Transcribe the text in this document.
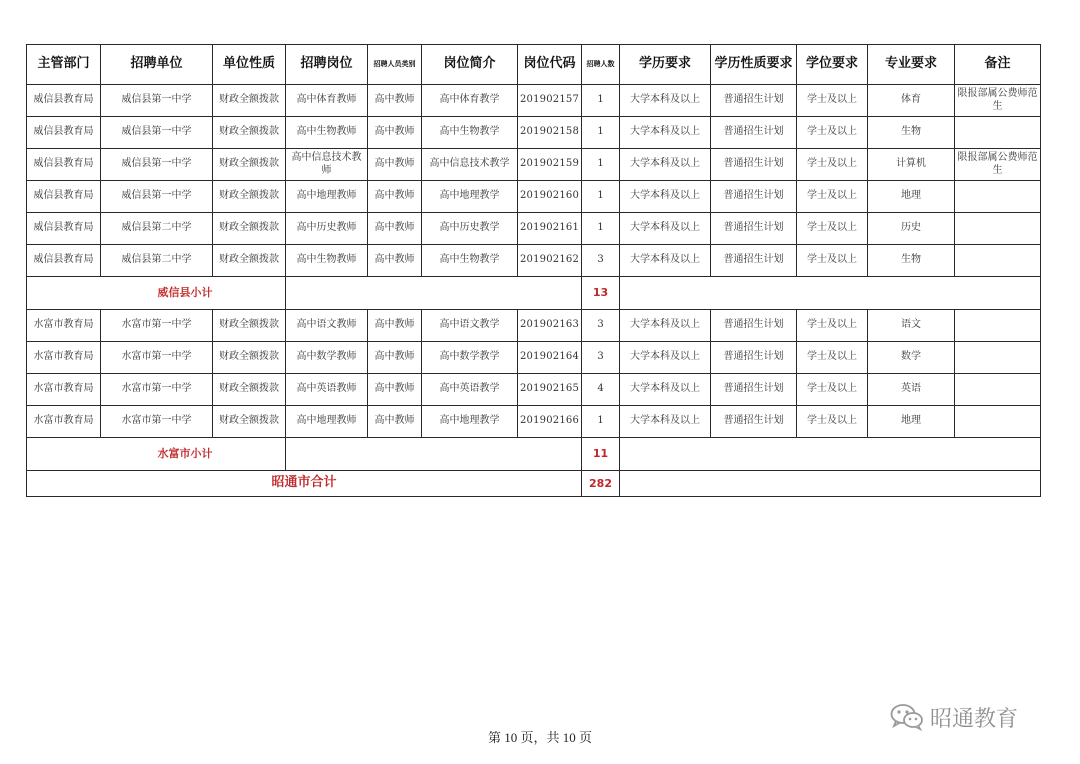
主管部门	招聘单位	单位性质	招聘岗位	招聘人员类别	岗位简介	岗位代码	招聘人数	学历要求	学历性质要求	学位要求	专业要求	备注
威信县教育局	威信县第一中学	财政全额拨款	高中体育教师	高中教师	高中体育教学	201902157	1	大学本科及以上	普通招生计划	学士及以上	体育	限报部属公费师范生
威信县教育局	威信县第一中学	财政全额拨款	高中生物教师	高中教师	高中生物教学	201902158	1	大学本科及以上	普通招生计划	学士及以上	生物	
威信县教育局	威信县第一中学	财政全额拨款	高中信息技术教师	高中教师	高中信息技术教学	201902159	1	大学本科及以上	普通招生计划	学士及以上	计算机	限报部属公费师范生
威信县教育局	威信县第一中学	财政全额拨款	高中地理教师	高中教师	高中地理教学	201902160	1	大学本科及以上	普通招生计划	学士及以上	地理	
威信县教育局	威信县第二中学	财政全额拨款	高中历史教师	高中教师	高中历史教学	201902161	1	大学本科及以上	普通招生计划	学士及以上	历史	
威信县教育局	威信县第二中学	财政全额拨款	高中生物教师	高中教师	高中生物教学	201902162	3	大学本科及以上	普通招生计划	学士及以上	生物	
威信县小计							13					
水富市教育局	水富市第一中学	财政全额拨款	高中语文教师	高中教师	高中语文教学	201902163	3	大学本科及以上	普通招生计划	学士及以上	语文	
水富市教育局	水富市第一中学	财政全额拨款	高中数学教师	高中教师	高中数学教学	201902164	3	大学本科及以上	普通招生计划	学士及以上	数学	
水富市教育局	水富市第一中学	财政全额拨款	高中英语教师	高中教师	高中英语教学	201902165	4	大学本科及以上	普通招生计划	学士及以上	英语	
水富市教育局	水富市第一中学	财政全额拨款	高中地理教师	高中教师	高中地理教学	201902166	1	大学本科及以上	普通招生计划	学士及以上	地理	
水富市小计							11					
昭通市合计							282					
第 10 页，共 10 页
昭通教育
